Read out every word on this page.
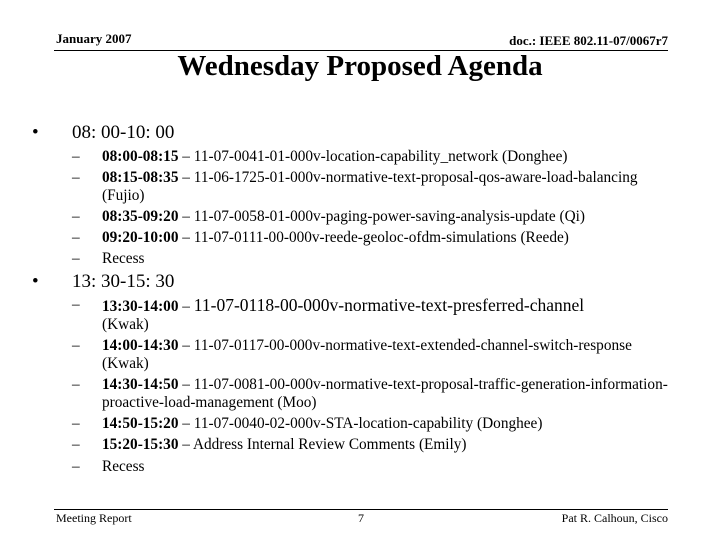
January 2007	doc.: IEEE 802.11-07/0067r7
Wednesday Proposed Agenda
• 08: 00-10: 00
– 08:00-08:15 – 11-07-0041-01-000v-location-capability_network (Donghee)
– 08:15-08:35 – 11-06-1725-01-000v-normative-text-proposal-qos-aware-load-balancing (Fujio)
– 08:35-09:20 – 11-07-0058-01-000v-paging-power-saving-analysis-update (Qi)
– 09:20-10:00 – 11-07-0111-00-000v-reede-geoloc-ofdm-simulations (Reede)
– Recess
• 13: 30-15: 30
– 13:30-14:00 – 11-07-0118-00-000v-normative-text-presferred-channel
(Kwak)
– 14:00-14:30 – 11-07-0117-00-000v-normative-text-extended-channel-switch-response (Kwak)
– 14:30-14:50 – 11-07-0081-00-000v-normative-text-proposal-traffic-generation-information-proactive-load-management (Moo)
– 14:50-15:20 – 11-07-0040-02-000v-STA-location-capability (Donghee)
– 15:20-15:30 – Address Internal Review Comments (Emily)
– Recess
Meeting Report	7	Pat R. Calhoun, Cisco
